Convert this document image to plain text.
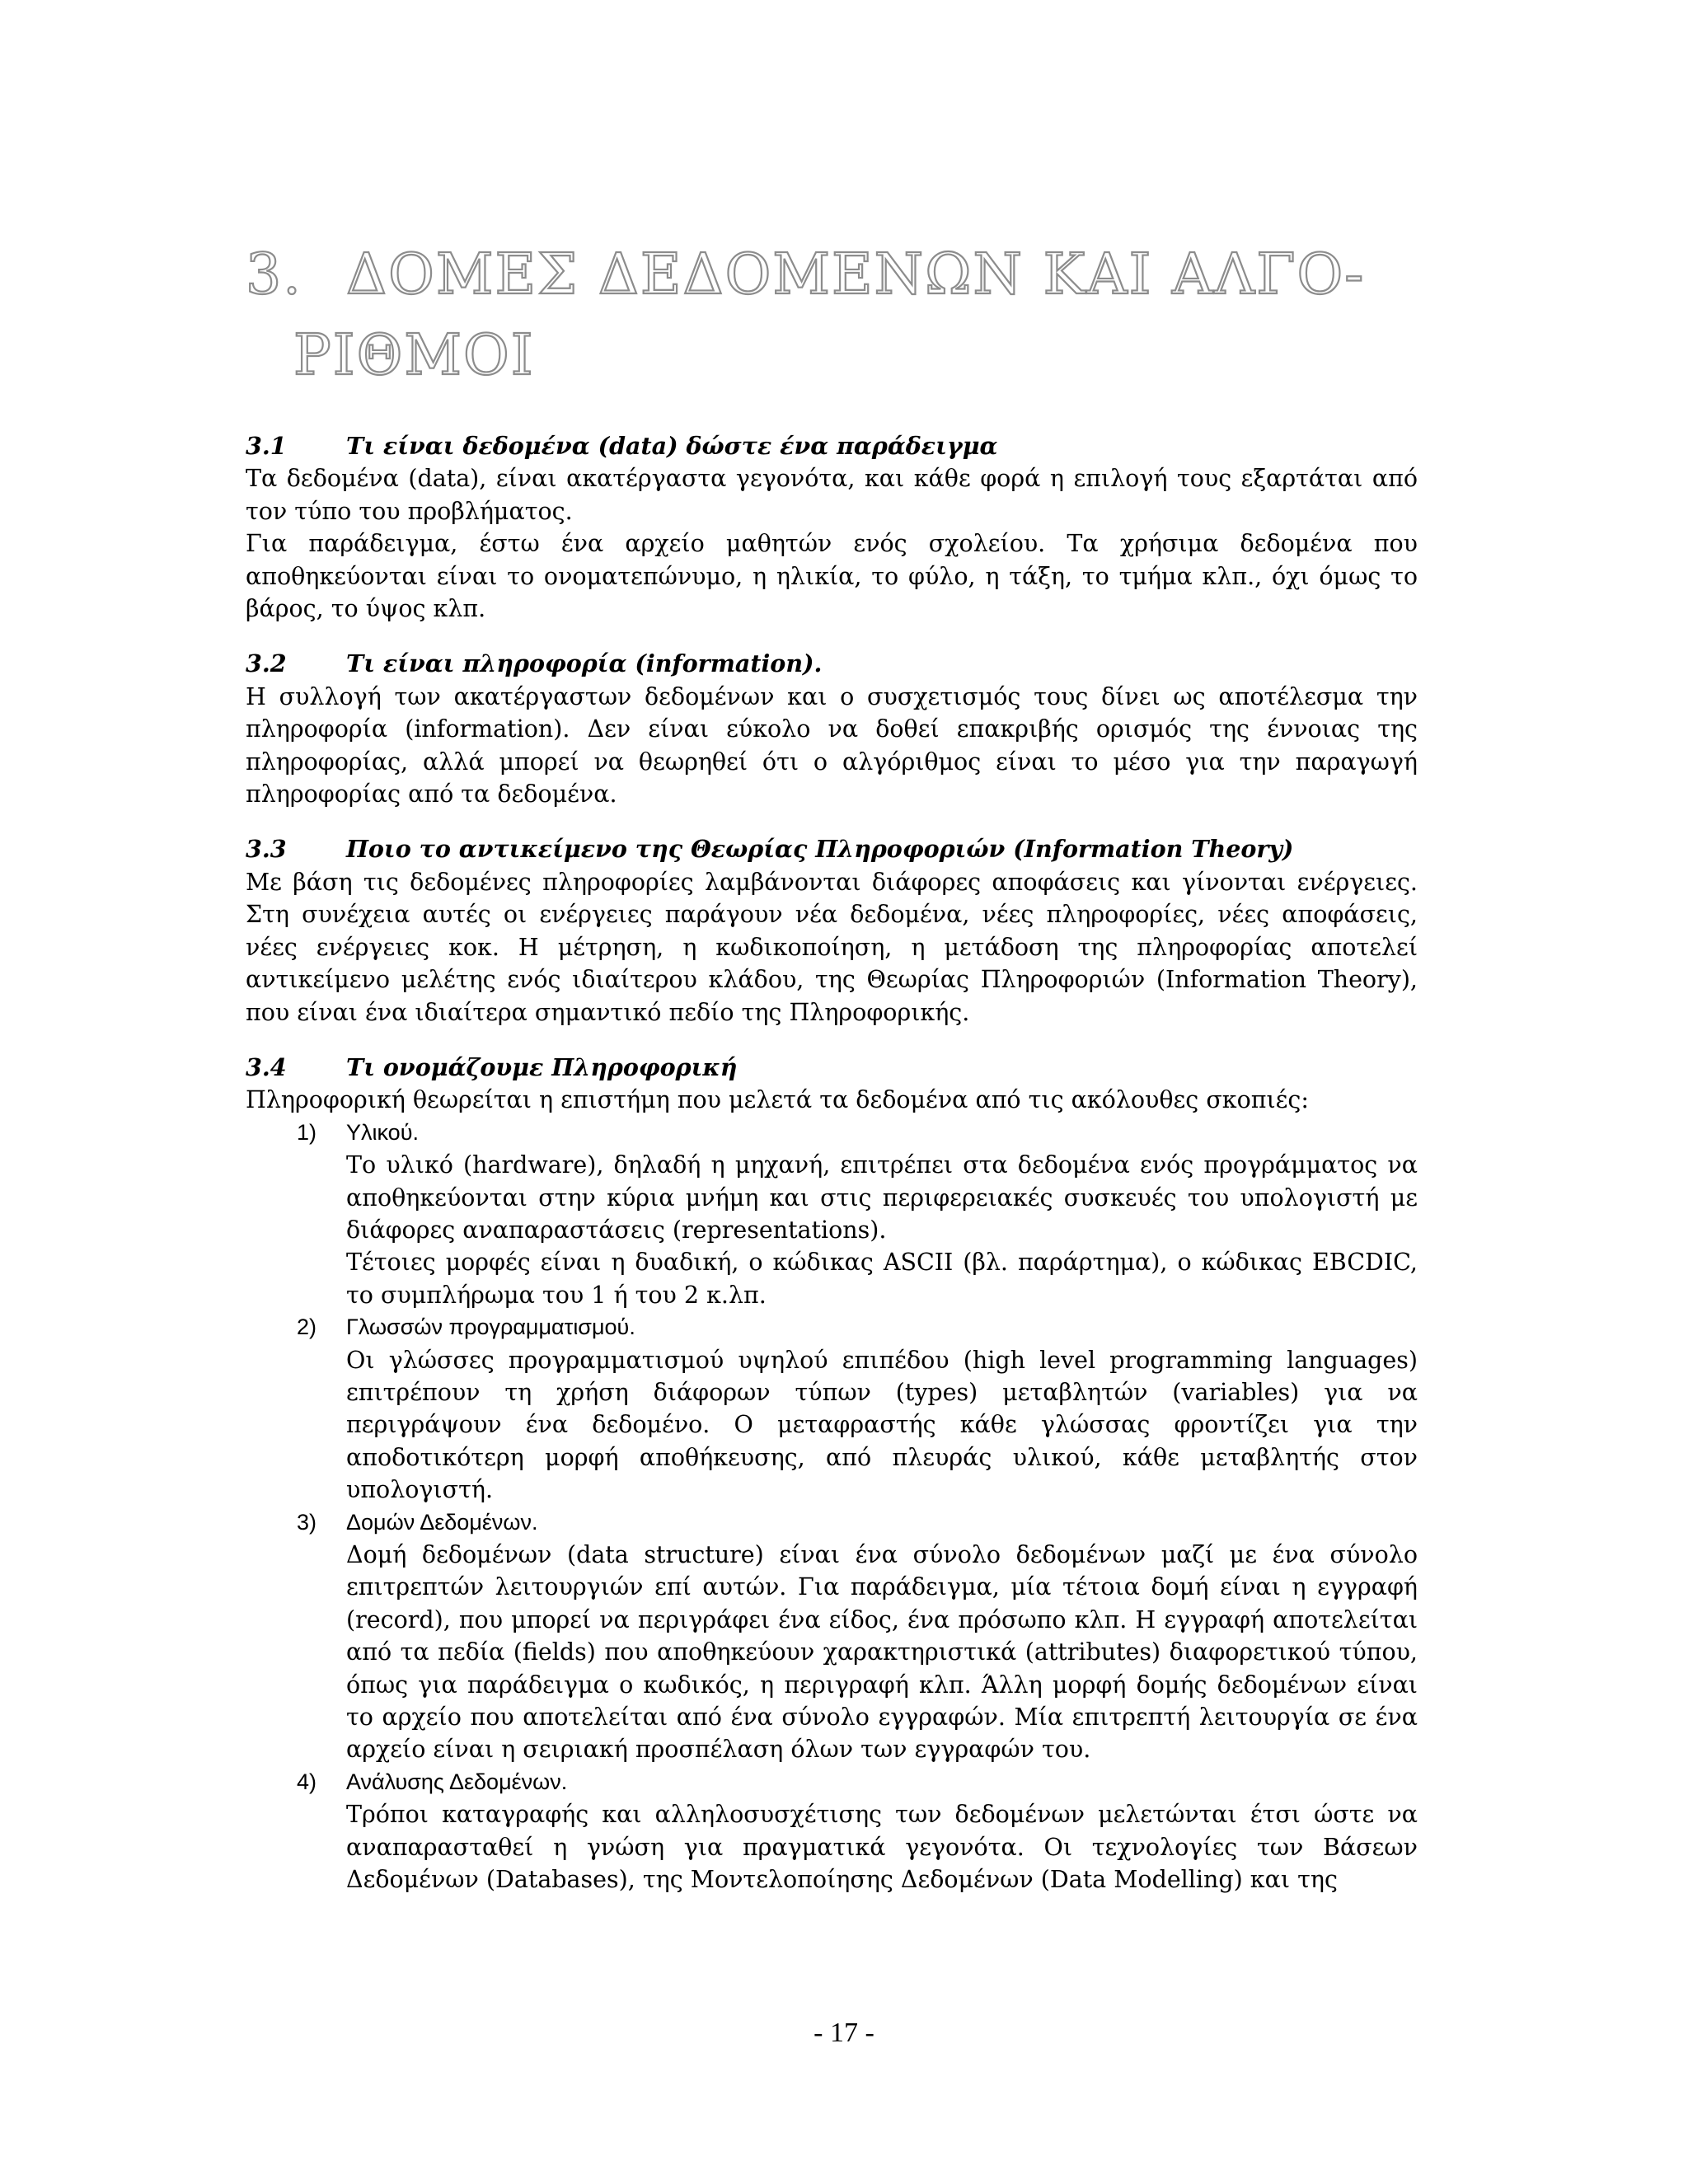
3. ΔΟΜΕΣ ΔΕΔΟΜΕΝΩΝ ΚΑΙ ΑΛΓΟ-
ΡΙΘΜΟΙ
3.1	Τι είναι δεδομένα (data) δώστε ένα παράδειγμα

Τα δεδομένα (data), είναι ακατέργαστα γεγονότα, και κάθε φορά η επιλογή τους εξαρτάται από τον τύπο του προβλήματος.

Για παράδειγμα, έστω ένα αρχείο μαθητών ενός σχολείου. Τα χρήσιμα δεδομένα που αποθηκεύονται είναι το ονοματεπώνυμο, η ηλικία, το φύλο, η τάξη, το τμήμα κλπ., όχι όμως το βάρος, το ύψος κλπ.

3.2	Τι είναι πληροφορία (information).

Η συλλογή των ακατέργαστων δεδομένων και ο συσχετισμός τους δίνει ως αποτέλεσμα την πληροφορία (information). Δεν είναι εύκολο να δοθεί επακριβής ορισμός της έννοιας της πληροφορίας, αλλά μπορεί να θεωρηθεί ότι ο αλγόριθμος είναι το μέσο για την παραγωγή πληροφορίας από τα δεδομένα.

3.3	Ποιο το αντικείμενο της Θεωρίας Πληροφοριών (Information Theory)

Με βάση τις δεδομένες πληροφορίες λαμβάνονται διάφορες αποφάσεις και γίνονται ενέργειες. Στη συνέχεια αυτές οι ενέργειες παράγουν νέα δεδομένα, νέες πληροφορίες, νέες αποφάσεις, νέες ενέργειες κοκ. Η μέτρηση, η κωδικοποίηση, η μετάδοση της πληροφορίας αποτελεί αντικείμενο μελέτης ενός ιδιαίτερου κλάδου, της Θεωρίας Πληροφοριών (Information Theory), που είναι ένα ιδιαίτερα σημαντικό πεδίο της Πληροφορικής.

3.4	Τι ονομάζουμε Πληροφορική

Πληροφορική θεωρείται η επιστήμη που μελετά τα δεδομένα από τις ακόλουθες σκοπιές:

1) Υλικού.

Το υλικό (hardware), δηλαδή η μηχανή, επιτρέπει στα δεδομένα ενός προγράμματος να αποθηκεύονται στην κύρια μνήμη και στις περιφερειακές συσκευές του υπολογιστή με διάφορες αναπαραστάσεις (representations).

Τέτοιες μορφές είναι η δυαδική, ο κώδικας ASCII (βλ. παράρτημα), ο κώδικας EBCDIC, το συμπλήρωμα του 1 ή του 2 κ.λπ.

2) Γλωσσών προγραμματισμού.

Οι γλώσσες προγραμματισμού υψηλού επιπέδου (high level programming languages) επιτρέπουν τη χρήση διάφορων τύπων (types) μεταβλητών (variables) για να περιγράψουν ένα δεδομένο. Ο μεταφραστής κάθε γλώσσας φροντίζει για την αποδοτικότερη μορφή αποθήκευσης, από πλευράς υλικού, κάθε μεταβλητής στον υπολογιστή.

3) Δομών Δεδομένων.

Δομή δεδομένων (data structure) είναι ένα σύνολο δεδομένων μαζί με ένα σύνολο επιτρεπτών λειτουργιών επί αυτών. Για παράδειγμα, μία τέτοια δομή είναι η εγγραφή (record), που μπορεί να περιγράφει ένα είδος, ένα πρόσωπο κλπ. Η εγγραφή αποτελείται από τα πεδία (fields) που αποθηκεύουν χαρακτηριστικά (attributes) διαφορετικού τύπου, όπως για παράδειγμα ο κωδικός, η περιγραφή κλπ. Άλλη μορφή δομής δεδομένων είναι το αρχείο που αποτελείται από ένα σύνολο εγγραφών. Μία επιτρεπτή λειτουργία σε ένα αρχείο είναι η σειριακή προσπέλαση όλων των εγγραφών του.

4) Ανάλυσης Δεδομένων.

Τρόποι καταγραφής και αλληλοσυσχέτισης των δεδομένων μελετώνται έτσι ώστε να αναπαρασταθεί η γνώση για πραγματικά γεγονότα. Οι τεχνολογίες των Βάσεων Δεδομένων (Databases), της Μοντελοποίησης Δεδομένων (Data Modelling) και της

- 17 -
